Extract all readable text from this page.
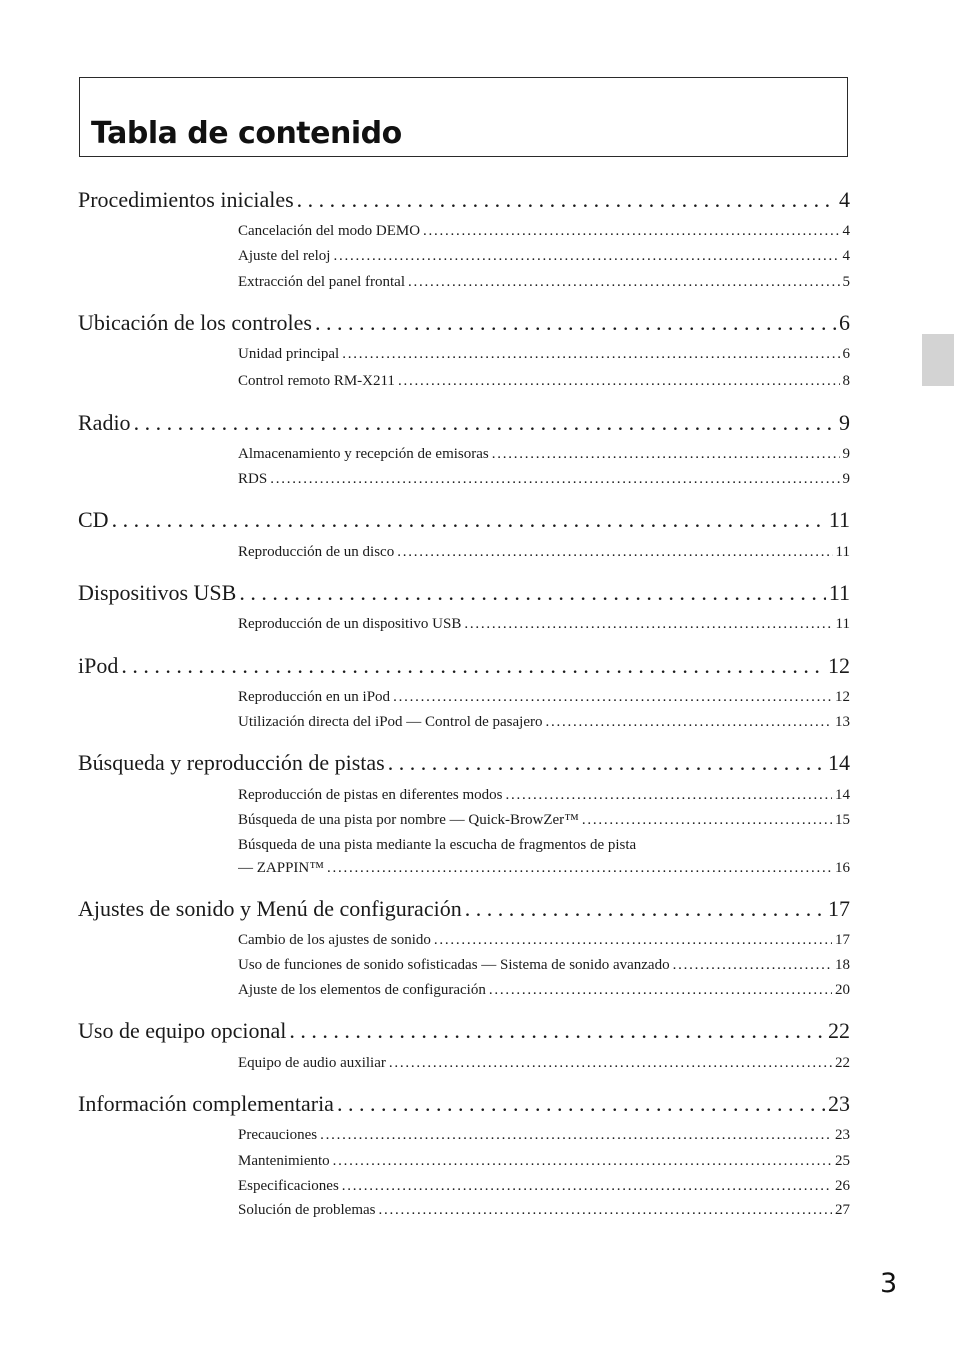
Tabla de contenido
Procedimientos iniciales . . .	4
Cancelación del modo DEMO . . .	4
Ajuste del reloj . . .	4
Extracción del panel frontal . . .	5
Ubicación de los controles . . .	6
Unidad principal . . .	6
Control remoto RM-X211 . . .	8
Radio . . .	9
Almacenamiento y recepción de emisoras . . .	9
RDS . . .	9
CD . . .	11
Reproducción de un disco . . .	11
Dispositivos USB . . .	11
Reproducción de un dispositivo USB . . .	11
iPod . . .	12
Reproducción en un iPod . . .	12
Utilización directa del iPod — Control de pasajero . . .	13
Búsqueda y reproducción de pistas . . .	14
Reproducción de pistas en diferentes modos . . .	14
Búsqueda de una pista por nombre — Quick-BrowZer™ . . .	15
Búsqueda de una pista mediante la escucha de fragmentos de pista
— ZAPPIN™ . . .	16
Ajustes de sonido y Menú de configuración . . .	17
Cambio de los ajustes de sonido . . .	17
Uso de funciones de sonido sofisticadas — Sistema de sonido avanzado . . .	18
Ajuste de los elementos de configuración . . .	20
Uso de equipo opcional . . .	22
Equipo de audio auxiliar . . .	22
Información complementaria . . .	23
Precauciones . . .	23
Mantenimiento . . .	25
Especificaciones . . .	26
Solución de problemas . . .	27
3
